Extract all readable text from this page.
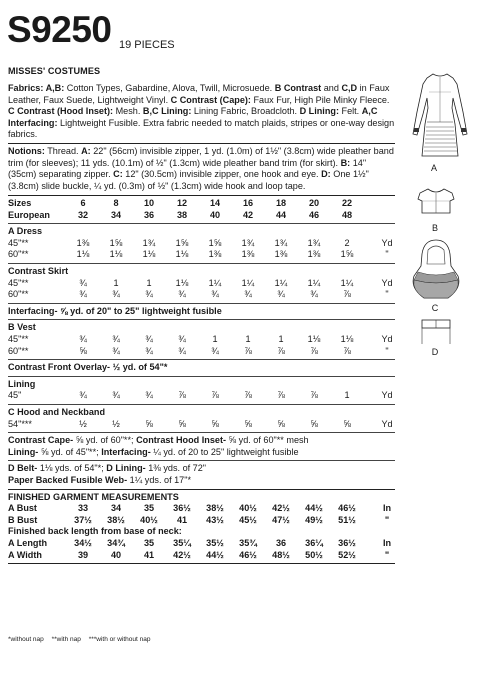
S9250 19 PIECES
MISSES' COSTUMES
Fabrics: A,B: Cotton Types, Gabardine, Alova, Twill, Microsuede. B Contrast and C,D in Faux Leather, Faux Suede, Lightweight Vinyl. C Contrast (Cape): Faux Fur, High Pile Minky Fleece. C Contrast (Hood Inset): Mesh. B,C Lining: Lining Fabric, Broadcloth. D Lining: Felt. A,C Interfacing: Lightweight Fusible. Extra fabric needed to match plaids, stripes or one-way design fabrics.
Notions: Thread. A: 22" (56cm) invisible zipper, 1 yd. (1.0m) of 1½" (3.8cm) wide pleather band trim (for sleeves); 11 yds. (10.1m) of ½" (1.3cm) wide pleather band trim (for skirt). B: 14" (35cm) separating zipper. C: 12" (30.5cm) invisible zipper, one hook and eye. D: One 1½" (3.8cm) slide buckle, ¼ yd. (0.3m) of ½" (1.3cm) wide hook and loop tape.
Sizes	6	8	10	12	14	16	18	20	22
European	32	34	36	38	40	42	44	46	48
A Dress
45"**	1⅜	1⅝	1¾	1⅝	1⅝	1¾	1¾	1¾	2	Yd
60"**	1⅛	1⅛	1⅛	1⅛	1⅜	1⅜	1⅜	1⅜	1⅝	"
Contrast Skirt
45"**	¾	1	1	1⅛	1¼	1¼	1¼	1¼	1¼	Yd
60"**	¾	¾	¾	¾	¾	¾	¾	¾	⅞	"
Interfacing- ⅝ yd. of 20" to 25" lightweight fusible
B Vest
45"**	¾	¾	¾	¾	1	1	1	1⅛	1⅛	Yd
60"**	⅝	¾	¾	¾	¾	⅞	⅞	⅞	⅞	"
Contrast Front Overlay- ½ yd. of 54"*
Lining
45"	¾	¾	¾	⅞	⅞	⅞	⅞	⅞	1	Yd
C Hood and Neckband
54"***	½	½	⅝	⅝	⅝	⅝	⅝	⅝	⅝	Yd
Contrast Cape- ⅝ yd. of 60"**; Contrast Hood Inset- ⅝ yd. of 60"** mesh
Lining- ⅝ yd. of 45"**; Interfacing- ¼ yd. of 20 to 25" lightweight fusible
D Belt- 1⅛ yds. of 54"*; D Lining- 1⅜ yds. of 72"
Paper Backed Fusible Web- 1¼ yds. of 17"*
FINISHED GARMENT MEASUREMENTS
A Bust	33	34	35	36½	38½	40½	42½	44½	46½	In
B Bust	37½	38½	40½	41	43½	45½	47½	49½	51½	"
Finished back length from base of neck:
A Length	34½	34¾	35	35¼	35½	35¾	36	36¼	36½	In
A Width	39	40	41	42½	44½	46½	48½	50½	52½	"
*without nap **with nap ***with or without nap
A
B
C
D
